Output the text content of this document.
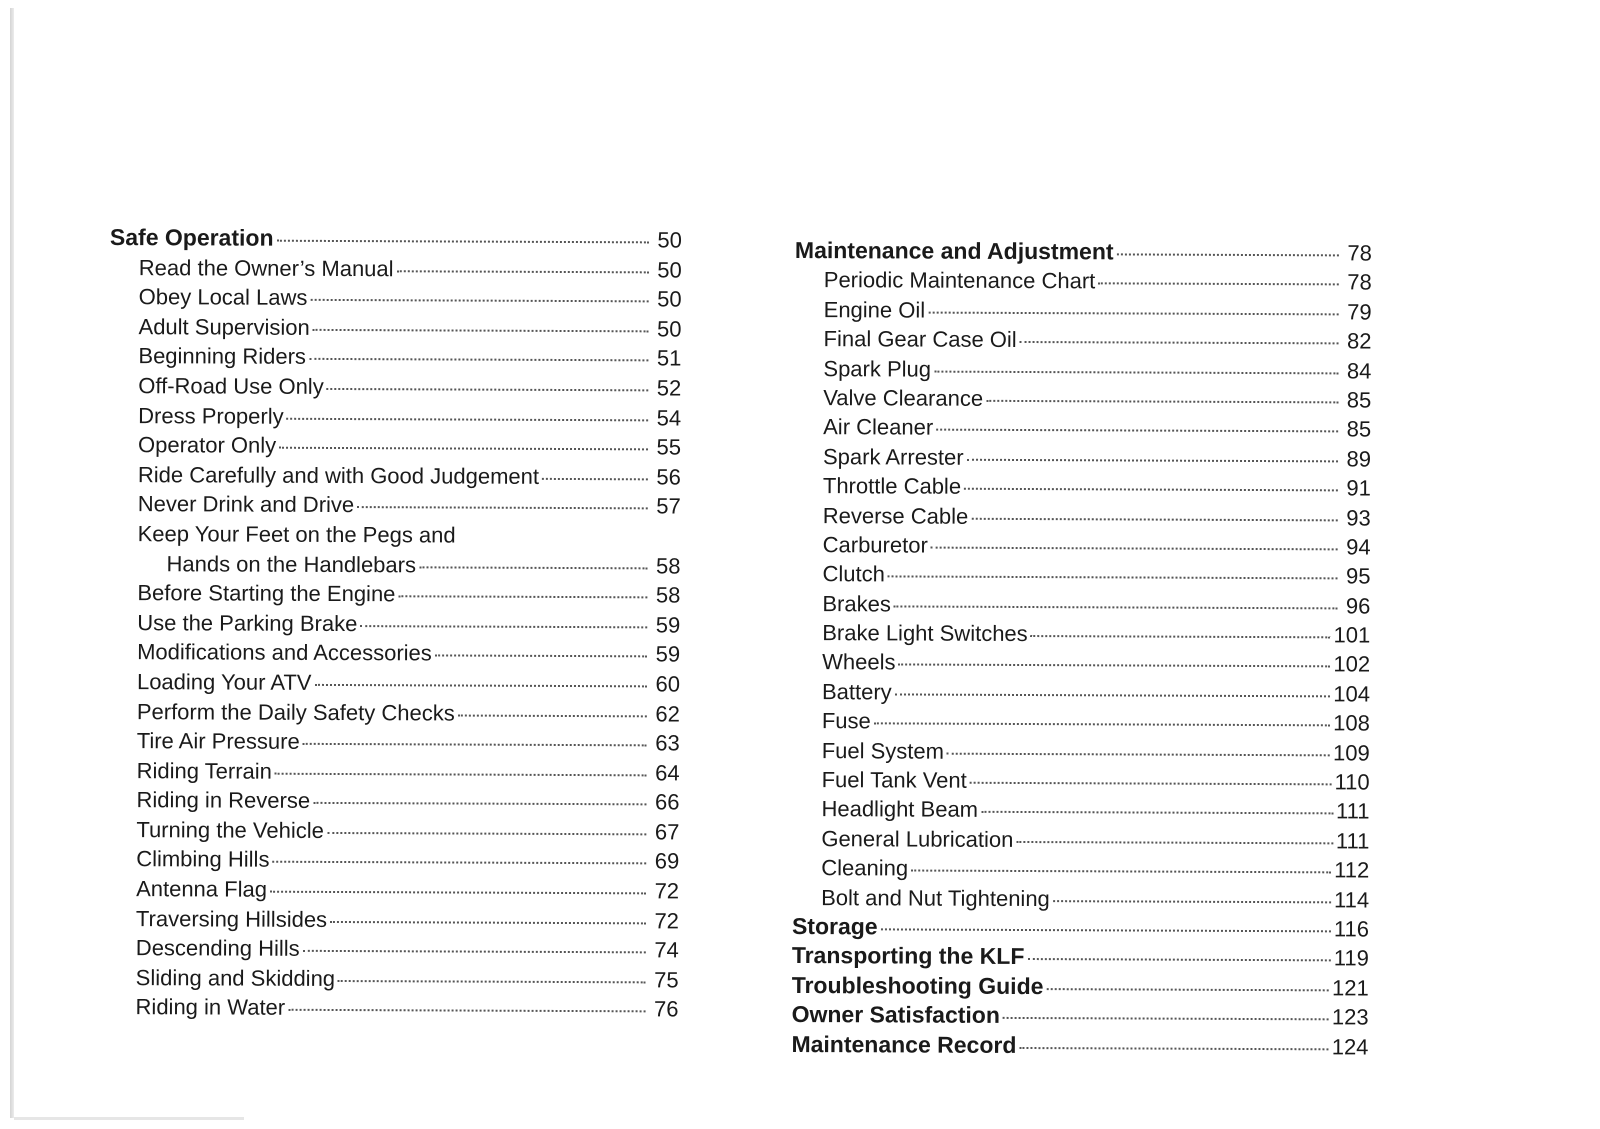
Safe Operation	50
Read the Owner’s Manual	50
Obey Local Laws	50
Adult Supervision	50
Beginning Riders	51
Off-Road Use Only	52
Dress Properly	54
Operator Only	55
Ride Carefully and with Good Judgement	56
Never Drink and Drive	57
Keep Your Feet on the Pegs and
Hands on the Handlebars	58
Before Starting the Engine	58
Use the Parking Brake	59
Modifications and Accessories	59
Loading Your ATV	60
Perform the Daily Safety Checks	62
Tire Air Pressure	63
Riding Terrain	64
Riding in Reverse	66
Turning the Vehicle	67
Climbing Hills	69
Antenna Flag	72
Traversing Hillsides	72
Descending Hills	74
Sliding and Skidding	75
Riding in Water	76
Maintenance and Adjustment	78
Periodic Maintenance Chart	78
Engine Oil	79
Final Gear Case Oil	82
Spark Plug	84
Valve Clearance	85
Air Cleaner	85
Spark Arrester	89
Throttle Cable	91
Reverse Cable	93
Carburetor	94
Clutch	95
Brakes	96
Brake Light Switches	101
Wheels	102
Battery	104
Fuse	108
Fuel System	109
Fuel Tank Vent	110
Headlight Beam	111
General Lubrication	111
Cleaning	112
Bolt and Nut Tightening	114
Storage	116
Transporting the KLF	119
Troubleshooting Guide	121
Owner Satisfaction	123
Maintenance Record	124
